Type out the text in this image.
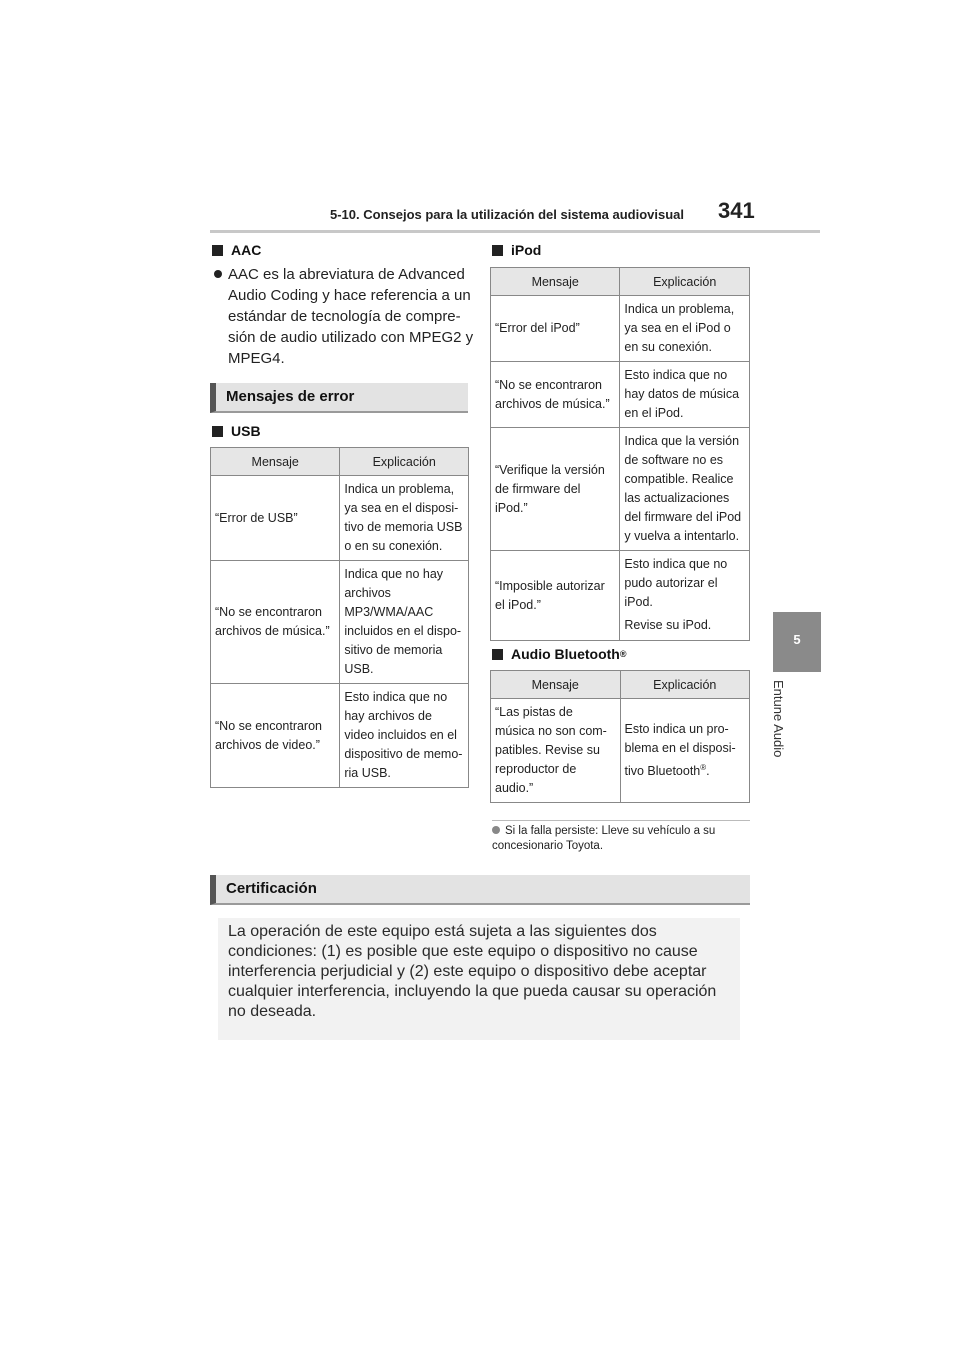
5-10. Consejos para la utilización del sistema audiovisual 341
5
Entune Audio
AAC

AAC es la abreviatura de Advanced Audio Coding y hace referencia a un estándar de tecnología de compre-sión de audio utilizado con MPEG2 y MPEG4.

Mensajes de error
USB
Mensaje	Explicación
“Error de USB”	Indica un problema, ya sea en el disposi-tivo de memoria USB o en su conexión.
“No se encontraron archivos de música.”	Indica que no hay archivos MP3/WMA/AAC incluidos en el dispo-sitivo de memoria USB.
“No se encontraron archivos de video.”	Esto indica que no hay archivos de video incluidos en el dispositivo de memo-ria USB.
iPod
Mensaje	Explicación
“Error del iPod”	Indica un problema, ya sea en el iPod o en su conexión.
“No se encontraron archivos de música.”	Esto indica que no hay datos de música en el iPod.
“Verifique la versión de firmware del iPod.”	Indica que la versión de software no es compatible. Realice las actualizaciones del firmware del iPod y vuelva a intentarlo.
“Imposible autorizar el iPod.”	Esto indica que no pudo autorizar el iPod.
Revise su iPod.
Audio Bluetooth ®
Mensaje	Explicación
“Las pistas de música no son com-patibles. Revise su reproductor de audio.”	Esto indica un pro-blema en el disposi-tivo Bluetooth®.
Si la falla persiste: Lleve su vehículo a su concesionario Toyota.
Certificación

La operación de este equipo está sujeta a las siguientes dos condiciones: (1) es posible que este equipo o dispositivo no cause interferencia perjudicial y (2) este equipo o dispositivo debe aceptar cualquier interferencia, incluyendo la que pueda causar su operación no deseada.
